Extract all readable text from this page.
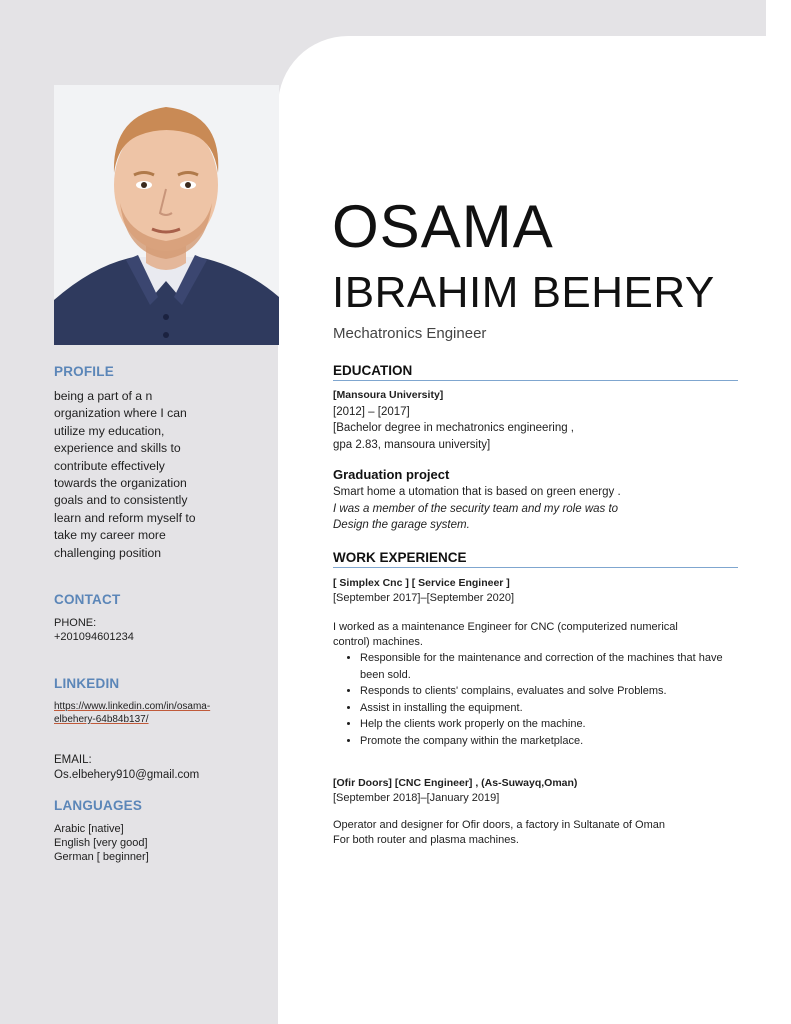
PROFILE
being a part of a n
organization where I can
utilize my education,
experience and skills to
contribute effectively
towards the organization
goals and to consistently
learn and reform myself to
take my career more
challenging position
CONTACT
PHONE:
+201094601234
LINKEDIN
https://www.linkedin.com/in/osama-
elbehery-64b84b137/
EMAIL:
Os.elbehery910@gmail.com
LANGUAGES
Arabic [native]
English [very good]
German [ beginner]
OSAMA
IBRAHIM BEHERY
Mechatronics Engineer
EDUCATION
[Mansoura University]
[2012] – [2017]
[Bachelor degree in mechatronics engineering ,
gpa 2.83, mansoura university]
Graduation project
Smart home a utomation that is based on green energy .
I was a member of the security team and my role was to
Design the garage system.
WORK EXPERIENCE
[ Simplex Cnc ] [ Service Engineer ]
[September 2017]–[September 2020]
I worked as a maintenance Engineer for CNC (computerized numerical
control) machines.
• Responsible for the maintenance and correction of the machines that have been sold.
• Responds to clients' complains, evaluates and solve Problems.
• Assist in installing the equipment.
• Help the clients work properly on the machine.
• Promote the company within the marketplace.
[Ofir Doors] [CNC Engineer] , (As-Suwayq,Oman)
[September 2018]–[January 2019]
Operator and designer for Ofir doors, a factory in Sultanate of Oman
For both router and plasma machines.
